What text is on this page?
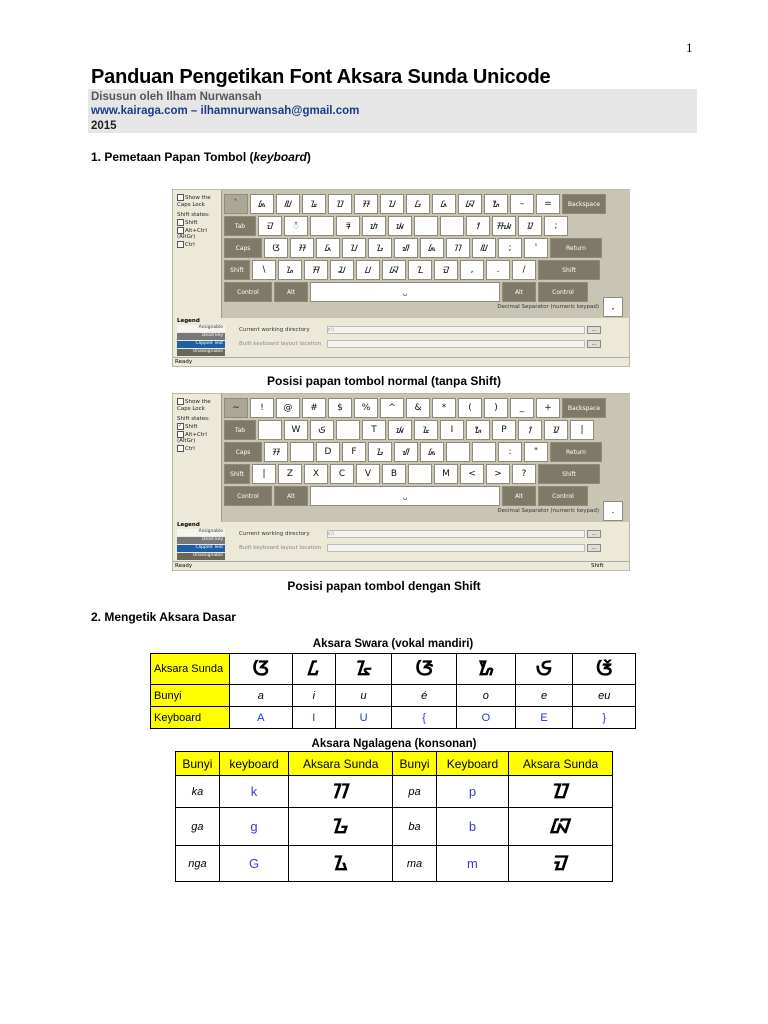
1
Panduan Pengetikan Font Aksara Sunda Unicode
Disusun oleh Ilham Nurwansah
www.kairaga.com – ilhamnurwansah@gmail.com
2015
1. Pemetaan Papan Tombol (keyboard)
Show the Caps Lock
Shift states:
Shift
Alt+Ctrl (AltGr)
Ctrl
`	ᮏ	ᮜ	ᮅ	ᮕ	ᮞ	ᮖ	ᮝ	ᮓ	ᮘ	ᮇ	–	=	Backspace
Tab	ᮙ	ᮨ	ᮛ	ᮒ	ᮚ	ᮺ	ᮯ	ᮻ	;
Caps	ᮃ	ᮞ	ᮓ	ᮖ	ᮌ	ᮠ	ᮏ	ᮊ	ᮜ	;	'	Return
Shift	\	ᮐ	ᮟ	ᮎ	ᮗ	ᮘ	ᮔ	ᮙ	,	.	/	Shift
Control	Alt	␣	Alt	Control
Decimal Separator (numeric keypad)	,
Legend
Assignable
Dead key
Clipped Text
Unassignable
Current working directory	c:\	...
Built keyboard layout location	...
Ready
Posisi papan tombol normal (tanpa Shift)
Show the Caps Lock
Shift states:
✓ Shift
Alt+Ctrl (AltGr)
Ctrl
~	!	@	#	$	%	^	&	*	(	)	_	+	Backspace
Tab	W	ᮈ	T	ᮚ	ᮅ	I	ᮇ	P	ᮺ	ᮻ	|
Caps	ᮞ	D	F	ᮌ	ᮠ	ᮏ	:	"	Return
Shift	|	Z	X	C	V	B	M	<	>	?	Shift
Control	Alt	␣	Alt	Control
Decimal Separator (numeric keypad)	.
Legend
Assignable
Dead key
Clipped Text
Unassignable
Current working directory	c:\	...
Built keyboard layout location	...
Ready	Shift
Posisi papan tombol dengan Shift
2. Mengetik Aksara Dasar
Aksara Swara (vokal mandiri)
Aksara Sunda	ᮃ	ᮄ	ᮅ	ᮆ	ᮇ	ᮈ	ᮉ
Bunyi	a	i	u	é	o	e	eu
Keyboard	A	I	U	{	O	E	}
Aksara Ngalagena (konsonan)
Bunyi	keyboard	Aksara Sunda	Bunyi	Keyboard	Aksara Sunda
ka	k	ᮊ	pa	p	ᮕ
ga	g	ᮌ	ba	b	ᮘ
nga	G	ᮍ	ma	m	ᮙ
